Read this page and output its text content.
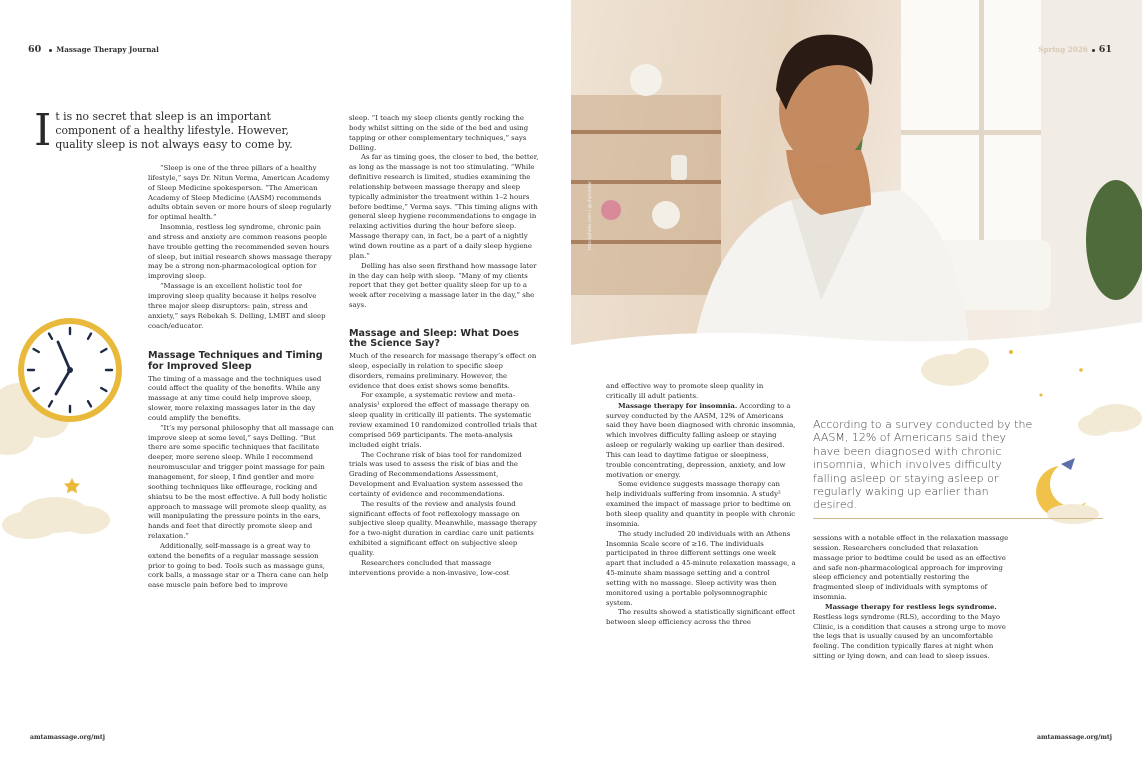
60 Massage Therapy Journal
It is no secret that sleep is an important component of a healthy lifestyle. However, quality sleep is not always easy to come by.

“Sleep is one of the three pillars of a healthy lifestyle,” says Dr. Nitun Verma, American Academy of Sleep Medicine spokesperson. “The American Academy of Sleep Medicine (AASM) recommends adults obtain seven or more hours of sleep regularly for optimal health.”

Insomnia, restless leg syndrome, chronic pain and stress and anxiety are common reasons people have trouble getting the recommended seven hours of sleep, but initial research shows massage therapy may be a strong non-pharmacological option for improving sleep.

“Massage is an excellent holistic tool for improving sleep quality because it helps resolve three major sleep disruptors: pain, stress and anxiety,” says Rebekah S. Delling, LMBT and sleep coach/educator.

Massage Techniques and Timing for Improved Sleep

The timing of a massage and the techniques used could affect the quality of the benefits. While any massage at any time could help improve sleep, slower, more relaxing massages later in the day could amplify the benefits.

“It’s my personal philosophy that all massage can improve sleep at some level,” says Delling. “But there are some specific techniques that facilitate deeper, more serene sleep. While I recommend neuromuscular and trigger point massage for pain management, for sleep, I find gentler and more soothing techniques like effleurage, rocking and shiatsu to be the most effective. A full body holistic approach to massage will promote sleep quality, as will manipulating the pressure points in the ears, hands and feet that directly promote sleep and relaxation.”

Additionally, self-massage is a great way to extend the benefits of a regular massage session prior to going to bed. Tools such as massage guns, cork balls, a massage star or a Thera cane can help ease muscle pain before bed to improve

sleep. “I teach my sleep clients gently rocking the body whilst sitting on the side of the bed and using tapping or other complementary techniques,” says Delling.

As far as timing goes, the closer to bed, the better, as long as the massage is not too stimulating. “While definitive research is limited, studies examining the relationship between massage therapy and sleep typically administer the treatment within 1–2 hours before bedtime,” Verma says. “This timing aligns with general sleep hygiene recommendations to engage in relaxing activities during the hour before sleep. Massage therapy can, in fact, be a part of a nightly wind down routine as a part of a daily sleep hygiene plan.”

Delling has also seen firsthand how massage later in the day can help with sleep. “Many of my clients report that they get better quality sleep for up to a week after receiving a massage later in the day,” she says.

Massage and Sleep: What Does the Science Say?

Much of the research for massage therapy’s effect on sleep, especially in relation to specific sleep disorders, remains preliminary. However, the evidence that does exist shows some benefits.

For example, a systematic review and meta-analysis¹ explored the effect of massage therapy on sleep quality in critically ill patients. The systematic review examined 10 randomized controlled trials that comprised 569 participants. The meta-analysis included eight trials.

The Cochrane risk of bias tool for randomized trials was used to assess the risk of bias and the Grading of Recommendations Assessment, Development and Evaluation system assessed the certainty of evidence and recommendations.

The results of the review and analysis found significant effects of foot reflexology massage on subjective sleep quality. Meanwhile, massage therapy for a two-night duration in cardiac care unit patients exhibited a significant effect on subjective sleep quality.

Researchers concluded that massage interventions provide a non-invasive, low-cost

amtamassage.org/mtj
istockphoto.com / @ufumastar
Spring 2026 61

and effective way to promote sleep quality in critically ill adult patients.

Massage therapy for insomnia. According to a survey conducted by the AASM, 12% of Americans said they have been diagnosed with chronic insomnia, which involves difficulty falling asleep or staying asleep or regularly waking up earlier than desired. This can lead to daytime fatigue or sleepiness, trouble concentrating, depression, anxiety, and low motivation or energy.

Some evidence suggests massage therapy can help individuals suffering from insomnia. A study² examined the impact of massage prior to bedtime on both sleep quality and quantity in people with chronic insomnia.

The study included 20 individuals with an Athens Insomnia Scale score of ≥16. The individuals participated in three different settings one week apart that included a 45-minute relaxation massage, a 45-minute sham massage setting and a control setting with no massage. Sleep activity was then monitored using a portable polysomnographic system.

The results showed a statistically significant effect between sleep efficiency across the three

According to a survey conducted by the AASM, 12% of Americans said they have been diagnosed with chronic insomnia, which involves difficulty falling asleep or staying asleep or regularly waking up earlier than desired.

sessions with a notable effect in the relaxation massage session. Researchers concluded that relaxation massage prior to bedtime could be used as an effective and safe non-pharmacological approach for improving sleep efficiency and potentially restoring the fragmented sleep of individuals with symptoms of insomnia.

Massage therapy for restless legs syndrome. Restless legs syndrome (RLS), according to the Mayo Clinic, is a condition that causes a strong urge to move the legs that is usually caused by an uncomfortable feeling. The condition typically flares at night when sitting or lying down, and can lead to sleep issues.

amtamassage.org/mtj
